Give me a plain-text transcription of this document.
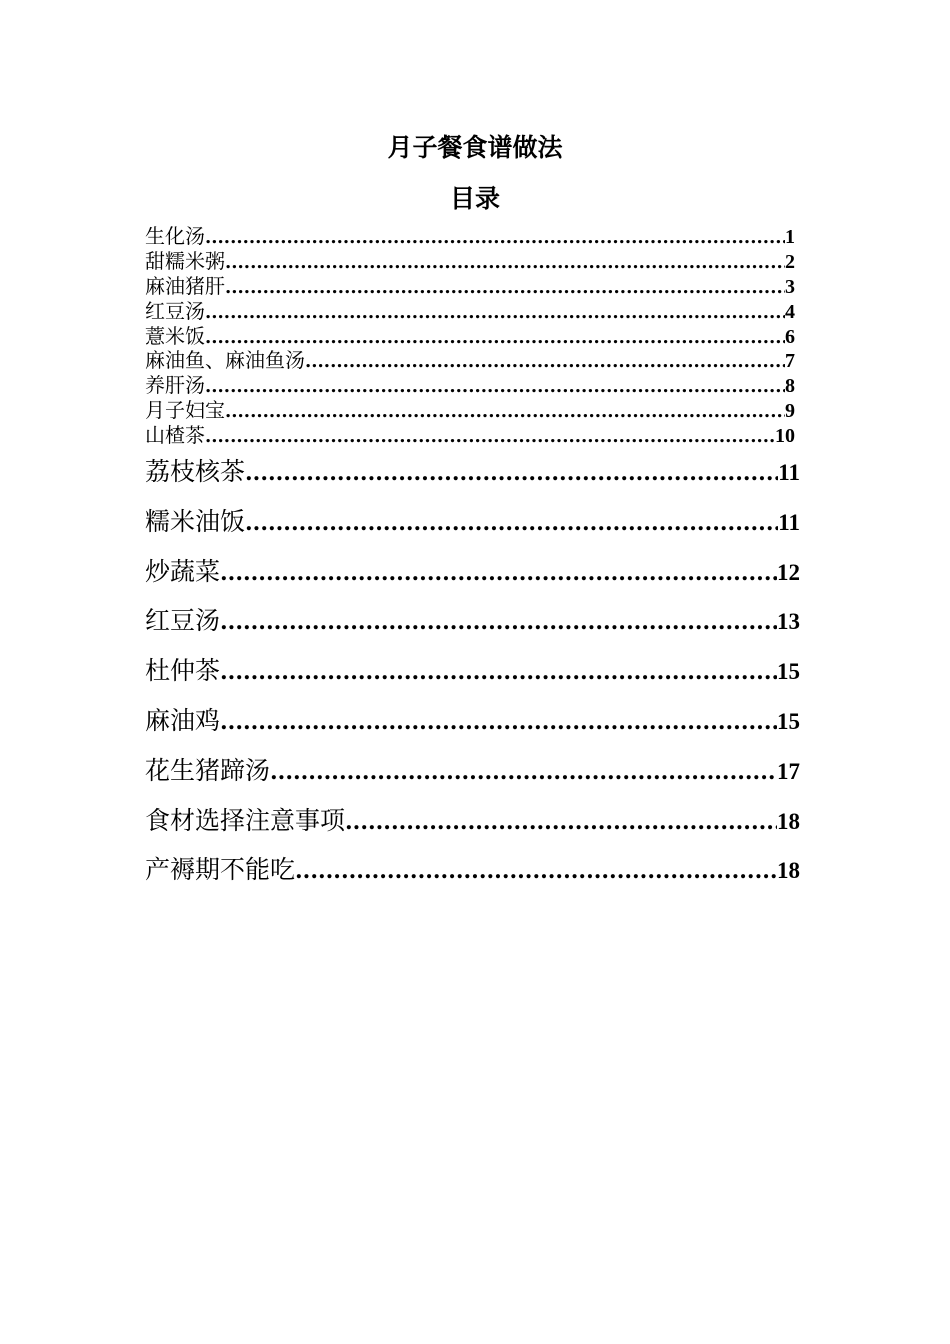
月子餐食谱做法
目录
生化汤 .....	1
甜糯米粥 .....	2
麻油猪肝 .....	3
红豆汤 .....	4
薏米饭 .....	6
麻油鱼、麻油鱼汤 .....	7
养肝汤 .....	8
月子妇宝 .....	9
山楂茶 .....	10
荔枝核茶 .....	11
糯米油饭 .....	11
炒蔬菜 .....	12
红豆汤 .....	13
杜仲茶 .....	15
麻油鸡 .....	15
花生猪蹄汤 .....	17
食材选择注意事项 .....	18
产褥期不能吃 .....	18
